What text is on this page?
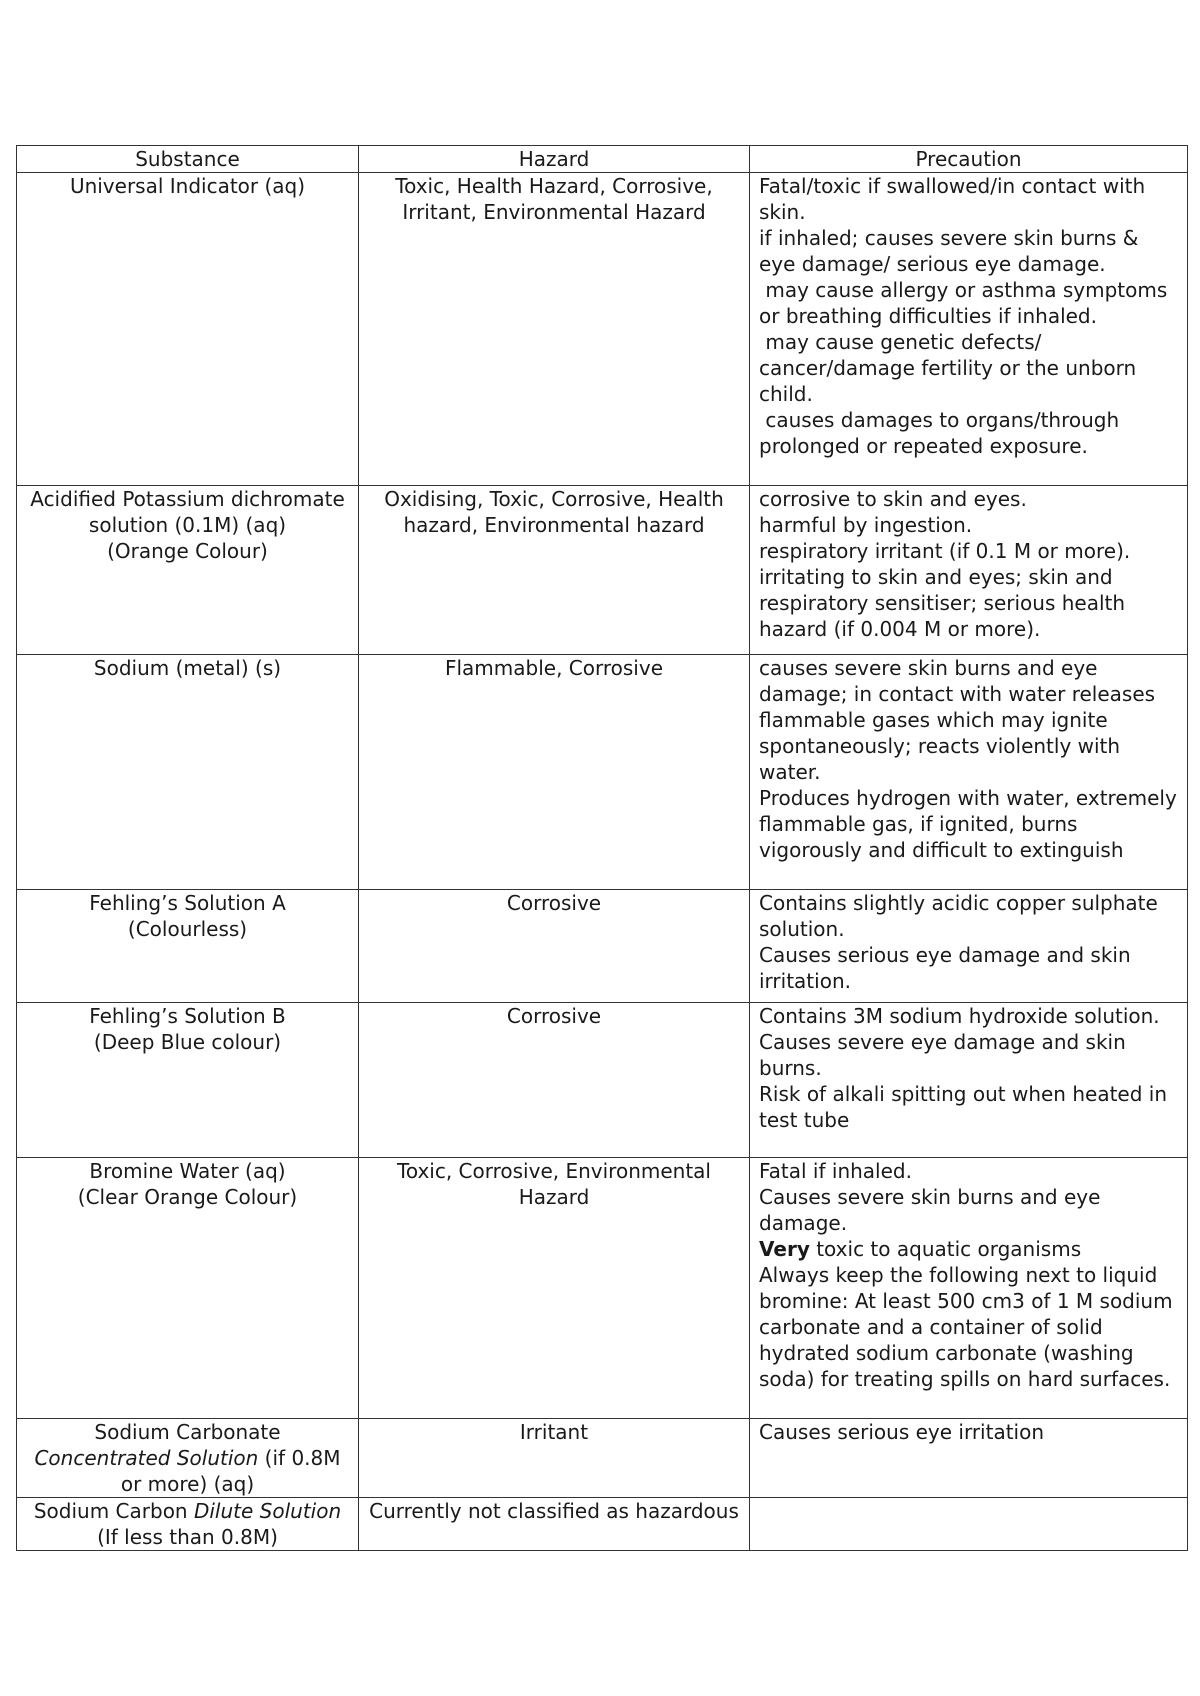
Substance	Hazard	Precaution

Universal Indicator (aq)	Toxic, Health Hazard, Corrosive, Irritant, Environmental Hazard	Fatal/toxic if swallowed/in contact with skin.
if inhaled; causes severe skin burns & eye damage/ serious eye damage.
may cause allergy or asthma symptoms or breathing difficulties if inhaled.
may cause genetic defects/ cancer/damage fertility or the unborn child.
causes damages to organs/through prolonged or repeated exposure.

Acidified Potassium dichromate solution (0.1M) (aq)
(Orange Colour)	Oxidising, Toxic, Corrosive, Health hazard, Environmental hazard	corrosive to skin and eyes.
harmful by ingestion.
respiratory irritant (if 0.1 M or more).
irritating to skin and eyes; skin and respiratory sensitiser; serious health hazard (if 0.004 M or more).

Sodium (metal) (s)	Flammable, Corrosive	causes severe skin burns and eye damage; in contact with water releases flammable gases which may ignite spontaneously; reacts violently with water.
Produces hydrogen with water, extremely flammable gas, if ignited, burns vigorously and difficult to extinguish

Fehling’s Solution A
(Colourless)	Corrosive	Contains slightly acidic copper sulphate solution.
Causes serious eye damage and skin irritation.

Fehling’s Solution B
(Deep Blue colour)	Corrosive	Contains 3M sodium hydroxide solution.
Causes severe eye damage and skin burns.
Risk of alkali spitting out when heated in test tube

Bromine Water (aq)
(Clear Orange Colour)	Toxic, Corrosive, Environmental Hazard	Fatal if inhaled.
Causes severe skin burns and eye damage.
Very toxic to aquatic organisms
Always keep the following next to liquid bromine: At least 500 cm3 of 1 M sodium carbonate and a container of solid hydrated sodium carbonate (washing soda) for treating spills on hard surfaces.

Sodium Carbonate Concentrated Solution (if 0.8M or more) (aq)	Irritant	Causes serious eye irritation

Sodium Carbon Dilute Solution (If less than 0.8M)	Currently not classified as hazardous	
